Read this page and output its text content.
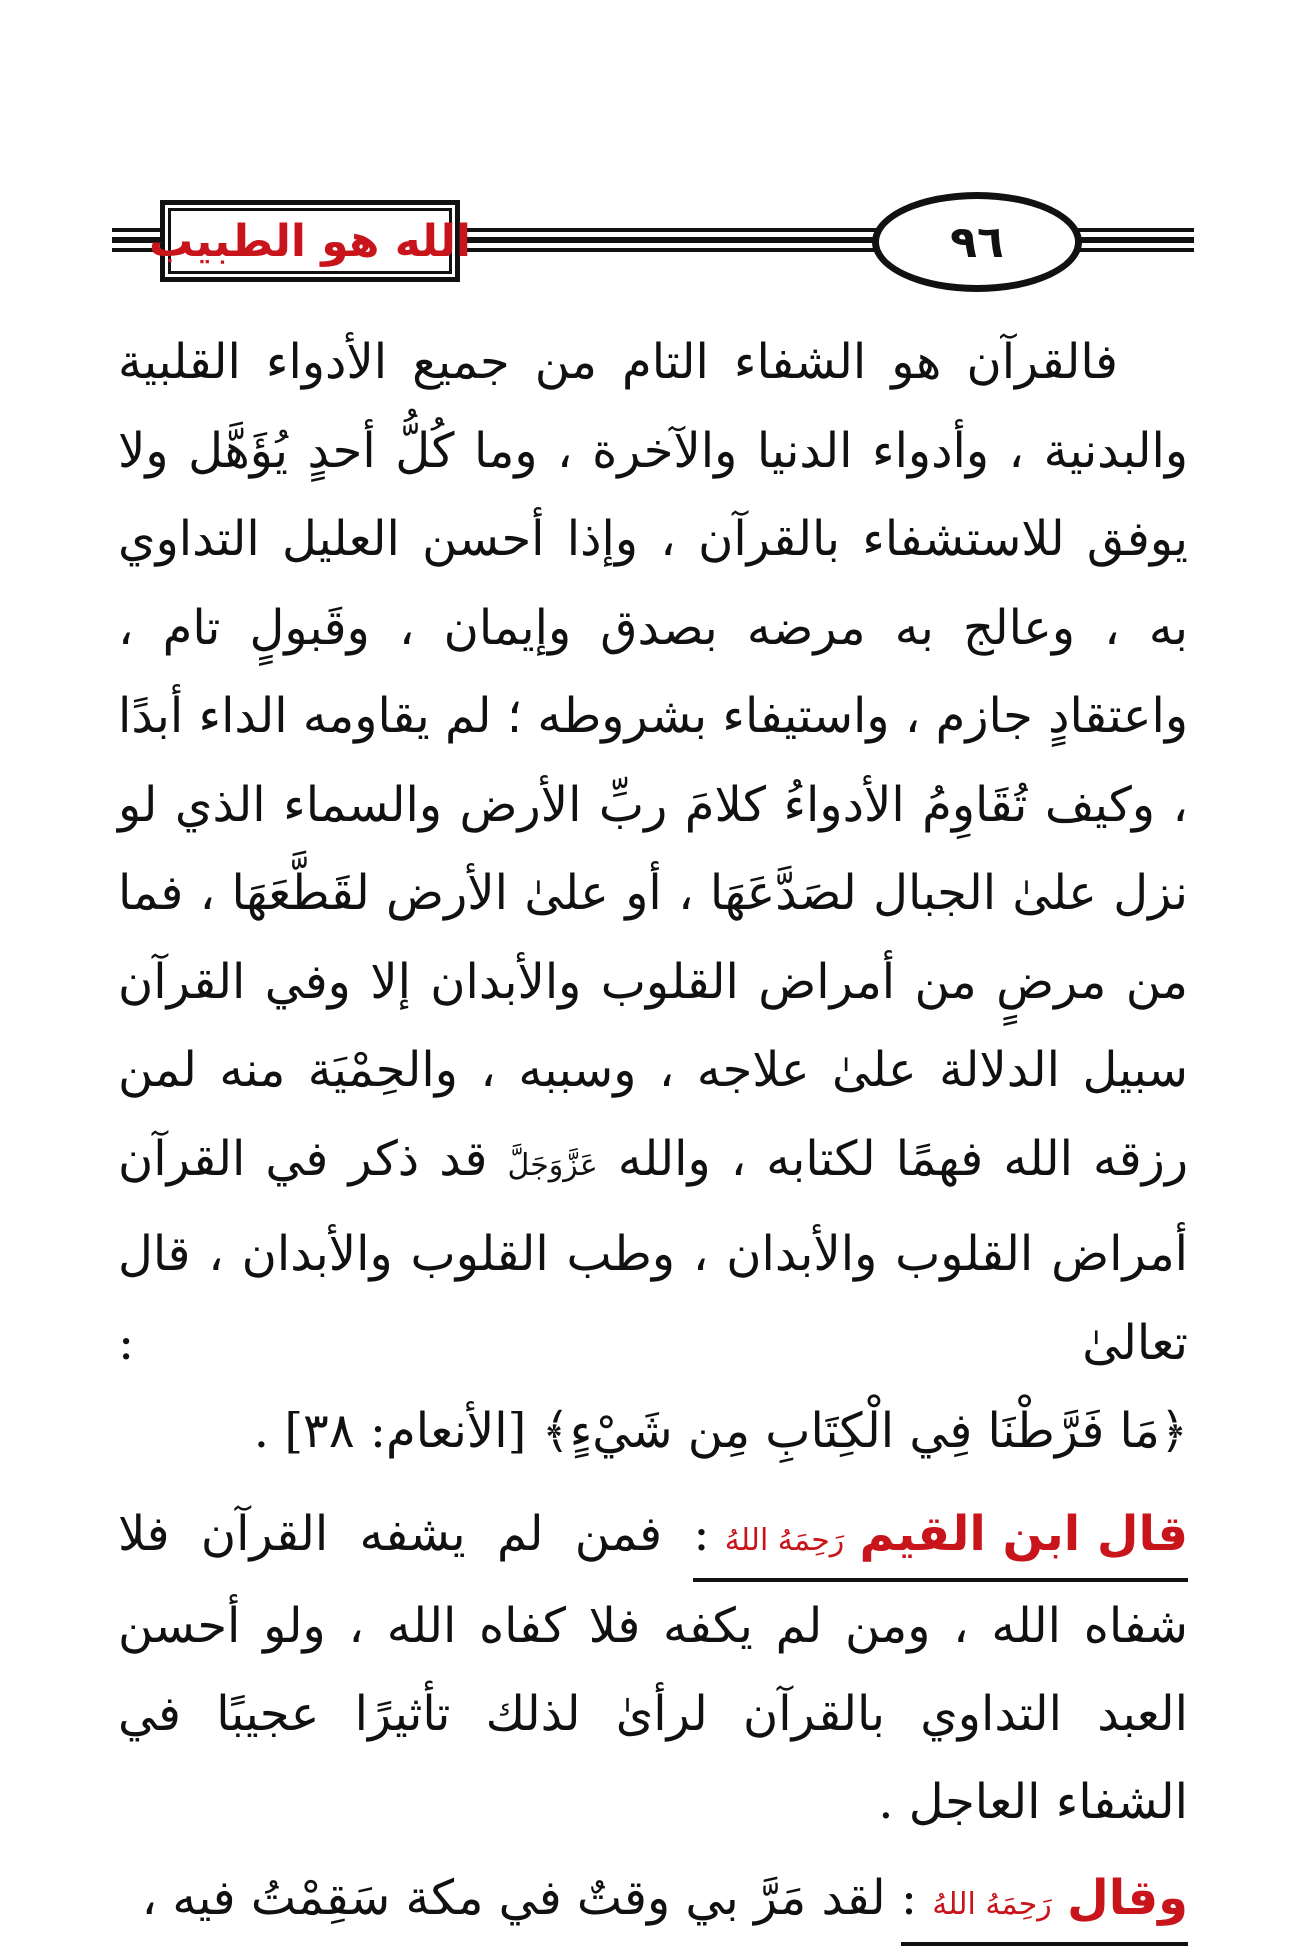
الله هو الطبيب	٩٦

فالقرآن هو الشفاء التام من جميع الأدواء القلبية والبدنية ، وأدواء الدنيا والآخرة ، وما كُلُّ أحدٍ يُؤَهَّل ولا يوفق للاستشفاء بالقرآن ، وإذا أحسن العليل التداوي به ، وعالج به مرضه بصدق وإيمان ، وقَبولٍ تام ، واعتقادٍ جازم ، واستيفاء بشروطه ؛ لم يقاومه الداء أبدًا ، وكيف تُقَاوِمُ الأدواءُ كلامَ ربِّ الأرض والسماء الذي لو نزل علىٰ الجبال لصَدَّعَهَا ، أو علىٰ الأرض لقَطَّعَهَا ، فما من مرضٍ من أمراض القلوب والأبدان إلا وفي القرآن سبيل الدلالة علىٰ علاجه ، وسببه ، والحِمْيَة منه لمن رزقه الله فهمًا لكتابه ، والله عَزَّوَجَلَّ قد ذكر في القرآن أمراض القلوب والأبدان ، وطب القلوب والأبدان ، قال تعالىٰ : ﴿مَا فَرَّطْنَا فِي الْكِتَابِ مِن شَيْءٍ﴾ [الأنعام: ٣٨] .

قال ابن القيم رَحِمَهُ اللهُ : فمن لم يشفه القرآن فلا شفاه الله ، ومن لم يكفه فلا كفاه الله ، ولو أحسن العبد التداوي بالقرآن لرأىٰ لذلك تأثيرًا عجيبًا في الشفاء العاجل .

وقال رَحِمَهُ اللهُ : لقد مَرَّ بي وقتٌ في مكة سَقِمْتُ فيه ،
